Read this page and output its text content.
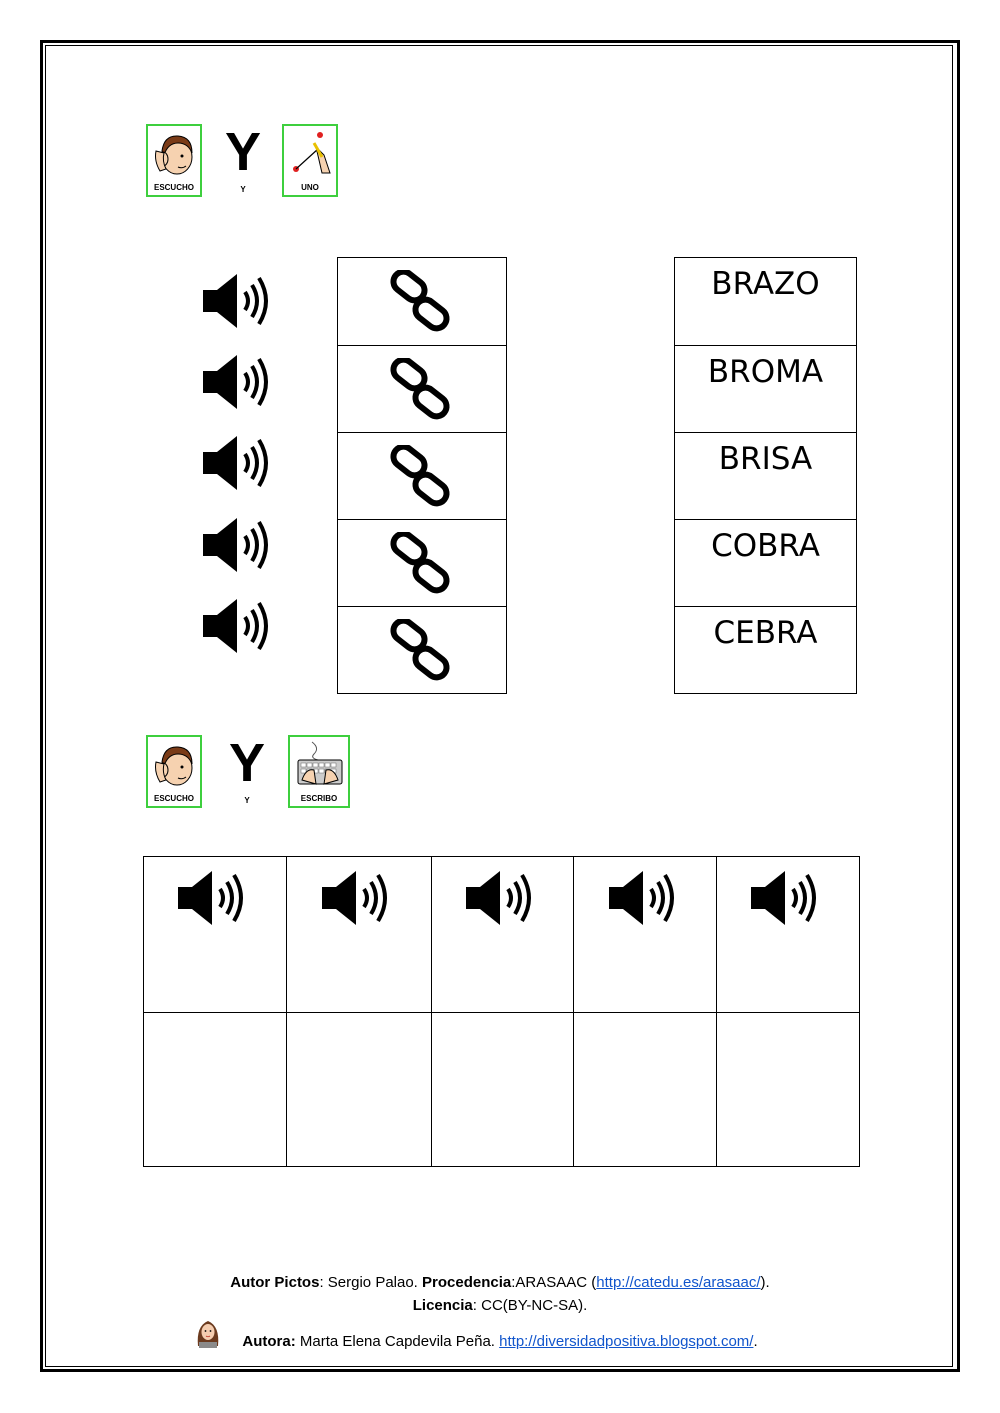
ESCUCHO
Y
Y	UNO
BRAZO
BROMA
BRISA
COBRA
CEBRA
ESCUCHO
Y
Y	ESCRIBO
Autor Pictos: Sergio Palao. Procedencia:ARASAAC (http://catedu.es/arasaac/).
Licencia: CC(BY-NC-SA).
Autora: Marta Elena Capdevila Peña. http://diversidadpositiva.blogspot.com/.
